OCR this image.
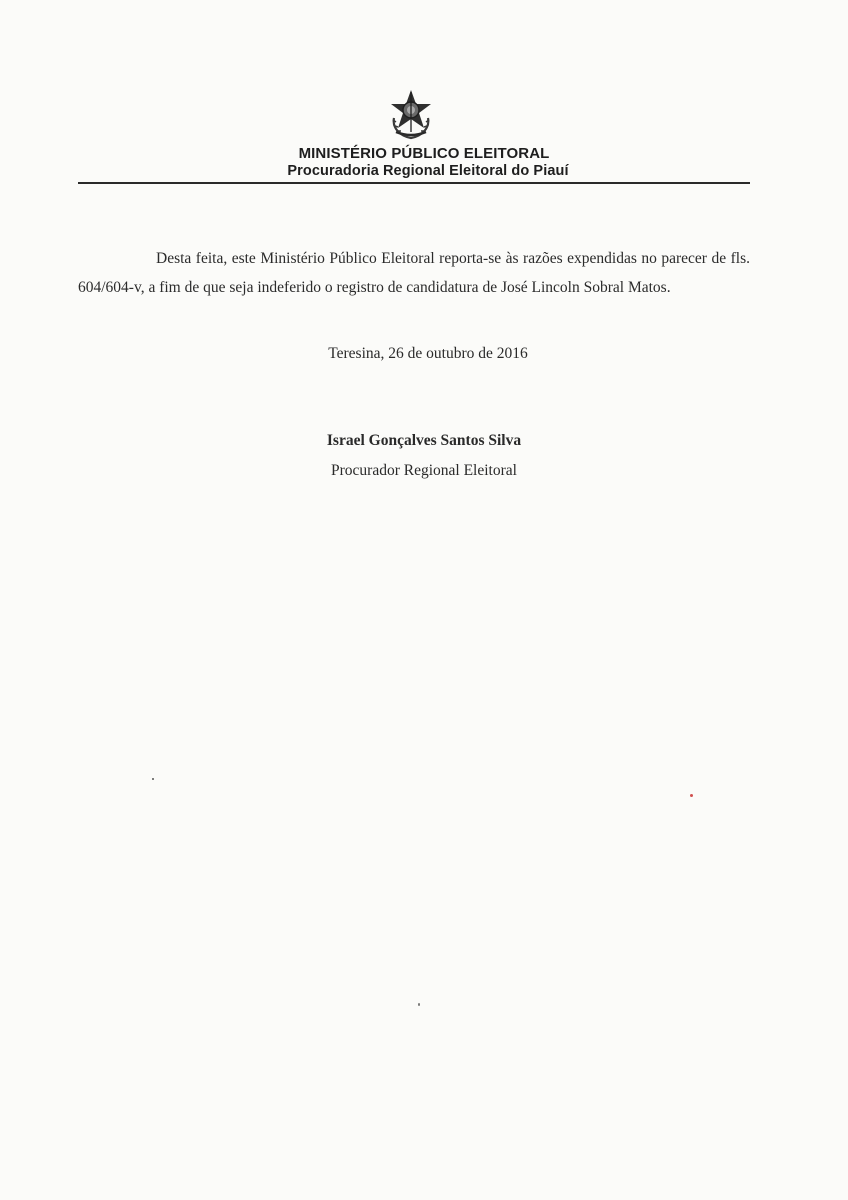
MINISTÉRIO PÚBLICO ELEITORAL
Procuradoria Regional Eleitoral do Piauí

Desta feita, este Ministério Público Eleitoral reporta-se às razões expendidas no parecer de fls. 604/604-v, a fim de que seja indeferido o registro de candidatura de José Lincoln Sobral Matos.

Teresina, 26 de outubro de 2016
Israel Gonçalves Santos Silva
Procurador Regional Eleitoral
